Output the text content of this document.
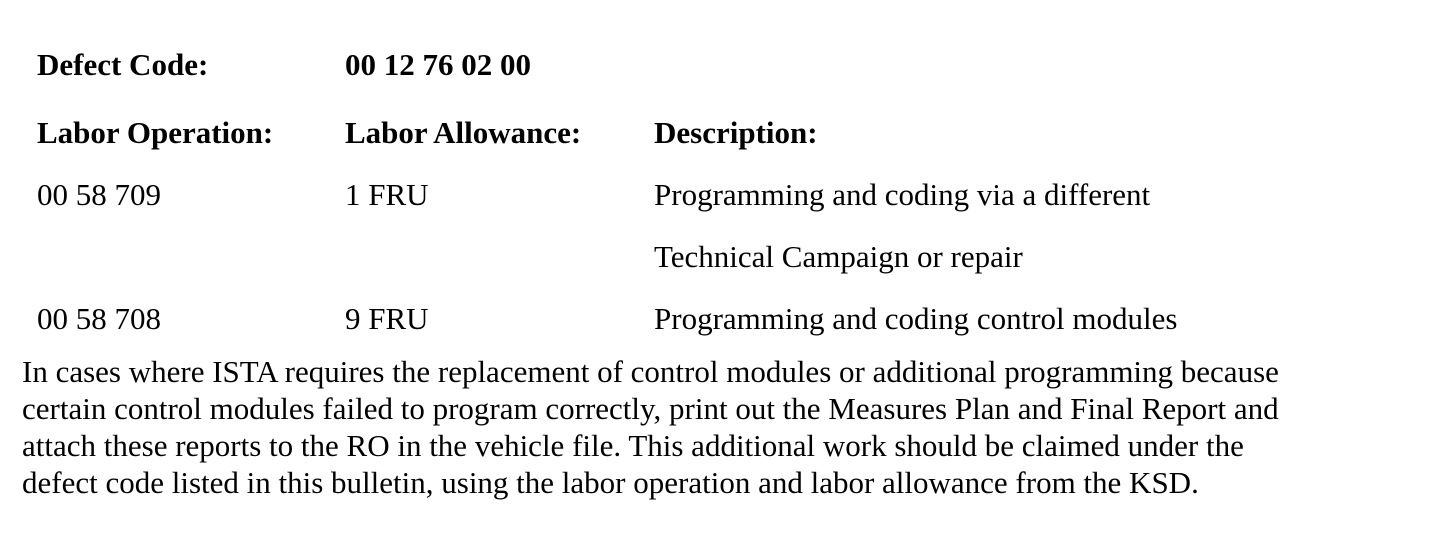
Defect Code:	00 12 76 02 00
Labor Operation: Labor Allowance: Description:
00 58 709	1 FRU	Programming and coding via a different
Technical Campaign or repair
00 58 708	9 FRU	Programming and coding control modules
In cases where ISTA requires the replacement of control modules or additional programming because
certain control modules failed to program correctly, print out the Measures Plan and Final Report and
attach these reports to the RO in the vehicle file. This additional work should be claimed under the
defect code listed in this bulletin, using the labor operation and labor allowance from the KSD.
